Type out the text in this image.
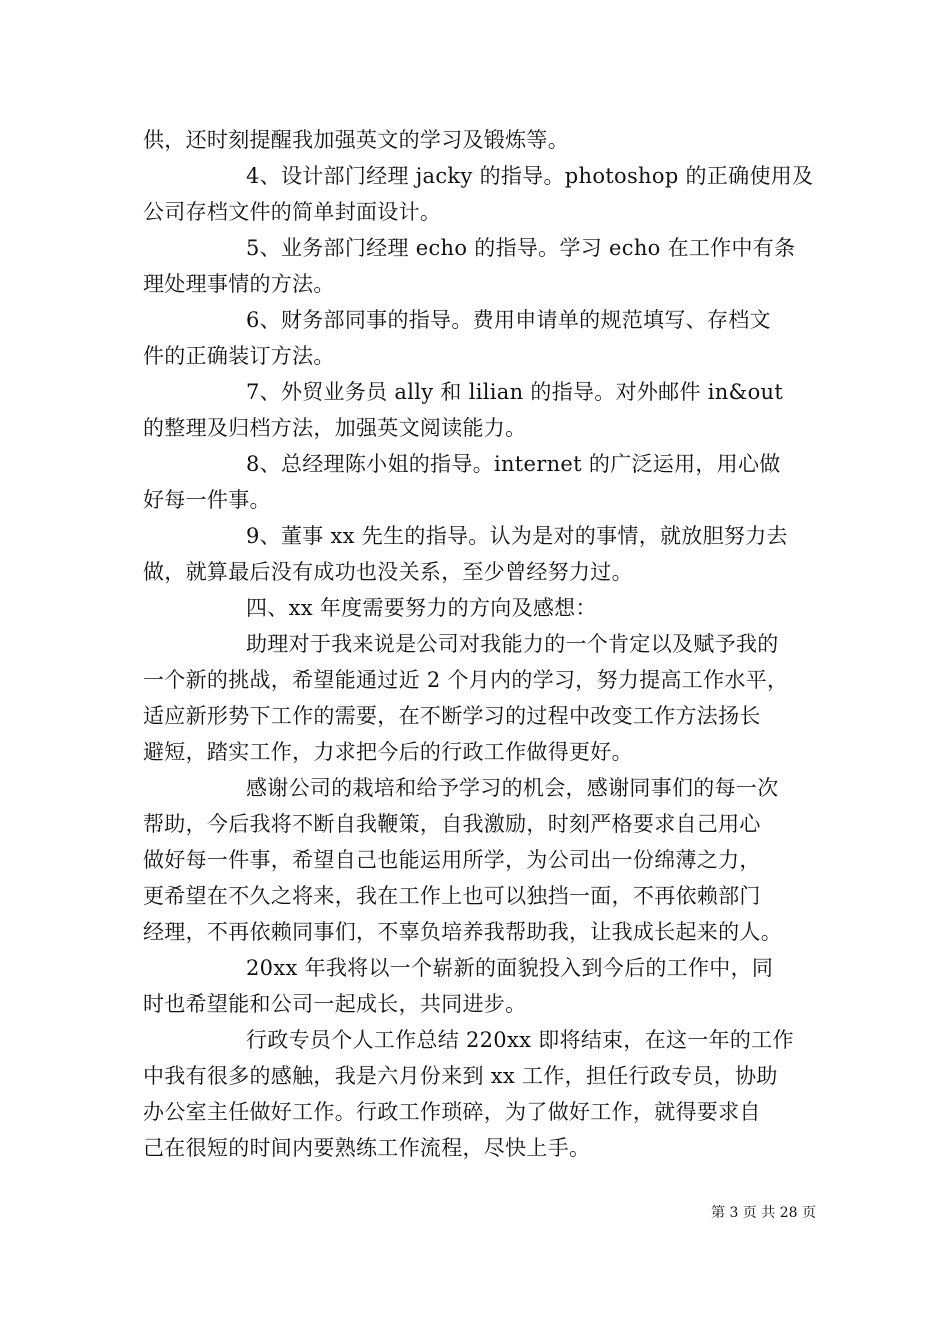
供，还时刻提醒我加强英文的学习及锻炼等。
4、设计部门经理 jacky 的指导。photoshop 的正确使用及
公司存档文件的简单封面设计。
5、业务部门经理 echo 的指导。学习 echo 在工作中有条
理处理事情的方法。
6、财务部同事的指导。费用申请单的规范填写、存档文
件的正确装订方法。
7、外贸业务员 ally 和 lilian 的指导。对外邮件 in&out
的整理及归档方法，加强英文阅读能力。
8、总经理陈小姐的指导。internet 的广泛运用，用心做
好每一件事。
9、董事 xx 先生的指导。认为是对的事情，就放胆努力去
做，就算最后没有成功也没关系，至少曾经努力过。
四、xx 年度需要努力的方向及感想：
助理对于我来说是公司对我能力的一个肯定以及赋予我的
一个新的挑战，希望能通过近 2 个月内的学习，努力提高工作水平，
适应新形势下工作的需要，在不断学习的过程中改变工作方法扬长
避短，踏实工作，力求把今后的行政工作做得更好。
感谢公司的栽培和给予学习的机会，感谢同事们的每一次
帮助，今后我将不断自我鞭策，自我激励，时刻严格要求自己用心
做好每一件事，希望自己也能运用所学，为公司出一份绵薄之力，
更希望在不久之将来，我在工作上也可以独挡一面，不再依赖部门
经理，不再依赖同事们，不辜负培养我帮助我，让我成长起来的人。
20xx 年我将以一个崭新的面貌投入到今后的工作中，同
时也希望能和公司一起成长，共同进步。
行政专员个人工作总结 220xx 即将结束，在这一年的工作
中我有很多的感触，我是六月份来到 xx 工作，担任行政专员，协助
办公室主任做好工作。行政工作琐碎，为了做好工作，就得要求自
己在很短的时间内要熟练工作流程，尽快上手。
第 3 页 共 28 页
